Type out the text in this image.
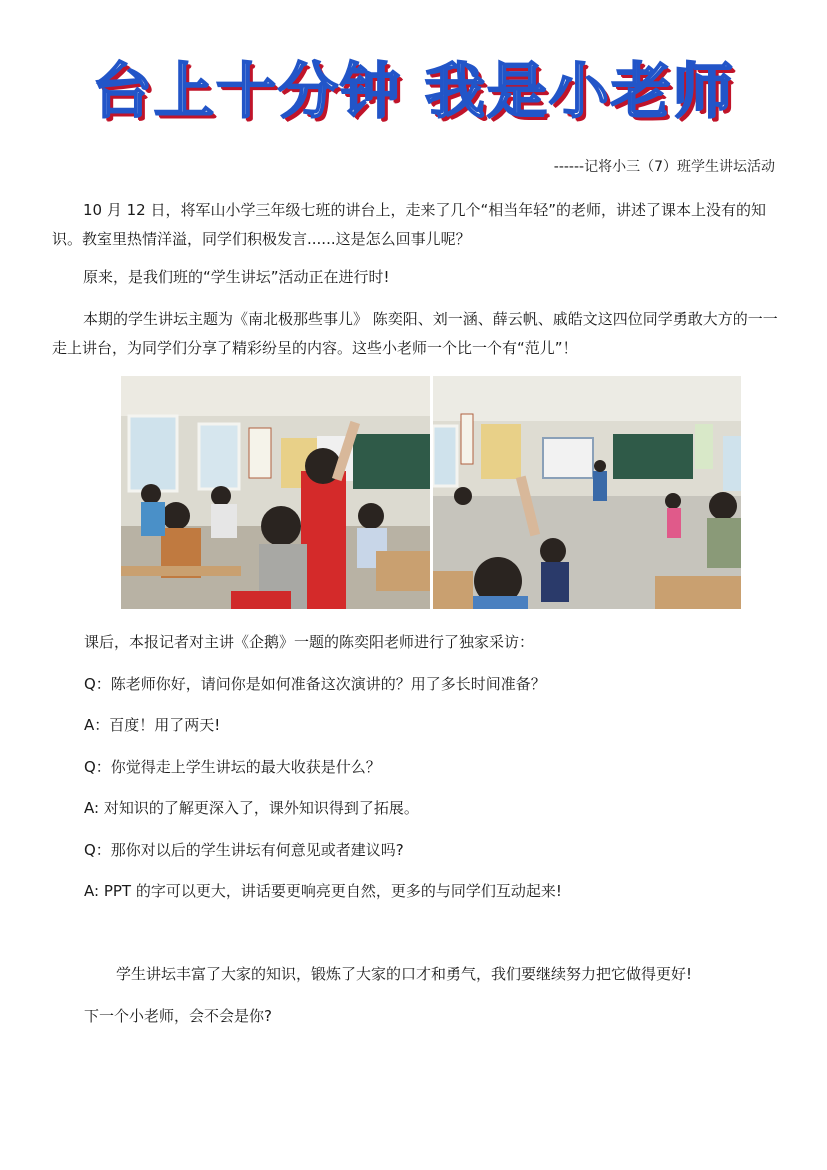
台上十分钟 我是小老师
------记将小三（7）班学生讲坛活动

10 月 12 日，将军山小学三年级七班的讲台上，走来了几个“相当年轻”的老师，讲述了课本上没有的知识。教室里热情洋溢，同学们积极发言......这是怎么回事儿呢？

原来，是我们班的“学生讲坛”活动正在进行时!

本期的学生讲坛主题为《南北极那些事儿》 陈奕阳、刘一涵、薛云帆、戚皓文这四位同学勇敢大方的一一走上讲台，为同学们分享了精彩纷呈的内容。这些小老师一个比一个有“范儿”！

课后，本报记者对主讲《企鹅》一题的陈奕阳老师进行了独家采访：
Q：陈老师你好，请问你是如何准备这次演讲的？用了多长时间准备？
A：百度！用了两天!
Q：你觉得走上学生讲坛的最大收获是什么？
A: 对知识的了解更深入了，课外知识得到了拓展。
Q：那你对以后的学生讲坛有何意见或者建议吗?
A: PPT 的字可以更大，讲话要更响亮更自然，更多的与同学们互动起来!
学生讲坛丰富了大家的知识，锻炼了大家的口才和勇气，我们要继续努力把它做得更好!
下一个小老师，会不会是你?
